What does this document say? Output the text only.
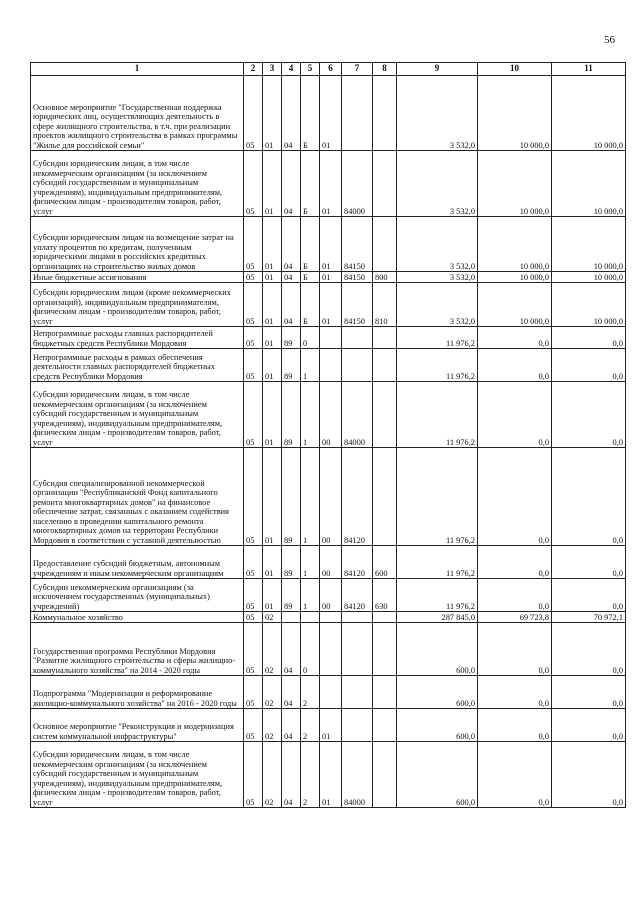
56
1	2	3	4	5	6	7	8	9	10	11
Основное мероприятие "Государственная поддержка юридических лиц, осуществляющих деятельность в сфере жилищного строительства, в т.ч. при реализации проектов жилищного строительства в рамках программы "Жилье для российской семьи"	05	01	04	Б	01			3 532,0	10 000,0	10 000,0
Субсидии юридическим лицам, в том числе некоммерческим организациям (за исключением субсидий государственным и муниципальным учреждениям), индивидуальным предпринимателям, физическим лицам - производителям товаров, работ, услуг	05	01	04	Б	01	84000		3 532,0	10 000,0	10 000,0
Субсидии юридическим лицам на возмещение затрат на уплату процентов по кредитам, полученным юридическими лицами в российских кредитных организациях на строительство жилых домов	05	01	04	Б	01	84150		3 532,0	10 000,0	10 000,0
Иные бюджетные ассигнования	05	01	04	Б	01	84150	800	3 532,0	10 000,0	10 000,0
Субсидии юридическим лицам (кроме некоммерческих организаций), индивидуальным предпринимателям, физическим лицам - производителям товаров, работ, услуг	05	01	04	Б	01	84150	810	3 532,0	10 000,0	10 000,0
Непрограммные расходы главных распорядителей бюджетных средств Республики Мордовия	05	01	89	0				11 976,2	0,0	0,0
Непрограммные расходы в рамках обеспечения деятельности главных распорядителей бюджетных средств Республики Мордовия	05	01	89	1				11 976,2	0,0	0,0
Субсидии юридическим лицам, в том числе некоммерческим организациям (за исключением субсидий государственным и муниципальным учреждениям), индивидуальным предпринимателям, физическим лицам - производителям товаров, работ, услуг	05	01	89	1	00	84000		11 976,2	0,0	0,0
Субсидия специализированной некоммерческой организации "Республиканский Фонд капитального ремонта многоквартирных домов" на финансовое обеспечение затрат, связанных с оказанием содействия населению в проведении капитального ремонта многоквартирных домов на территории Республики Мордовия в соответствии с уставной деятельностью	05	01	89	1	00	84120		11 976,2	0,0	0,0
Предоставление субсидий бюджетным, автономным учреждениям и иным некоммерческим организациям	05	01	89	1	00	84120	600	11 976,2	0,0	0,0
Субсидии некоммерческим организациям (за исключением государственных (муниципальных) учреждений)	05	01	89	1	00	84120	630	11 976,2	0,0	0,0
Коммунальное хозяйство	05	02						287 845,0	69 723,8	70 972,1
Государственная программа Республики Мордовия "Развитие жилищного строительства и сферы жилищно-коммунального хозяйства" на 2014 - 2020 годы	05	02	04	0				600,0	0,0	0,0
Подпрограмма "Модернизация и реформирование жилищно-коммунального хозяйства" на 2016 - 2020 годы	05	02	04	2				600,0	0,0	0,0
Основное мероприятие "Реконструкция и модернизация систем коммунальной инфраструктуры"	05	02	04	2	01			600,0	0,0	0,0
Субсидии юридическим лицам, в том числе некоммерческим организациям (за исключением субсидий государственным и муниципальным учреждениям), индивидуальным предпринимателям, физическим лицам - производителям товаров, работ, услуг	05	02	04	2	01	84000		600,0	0,0	0,0
